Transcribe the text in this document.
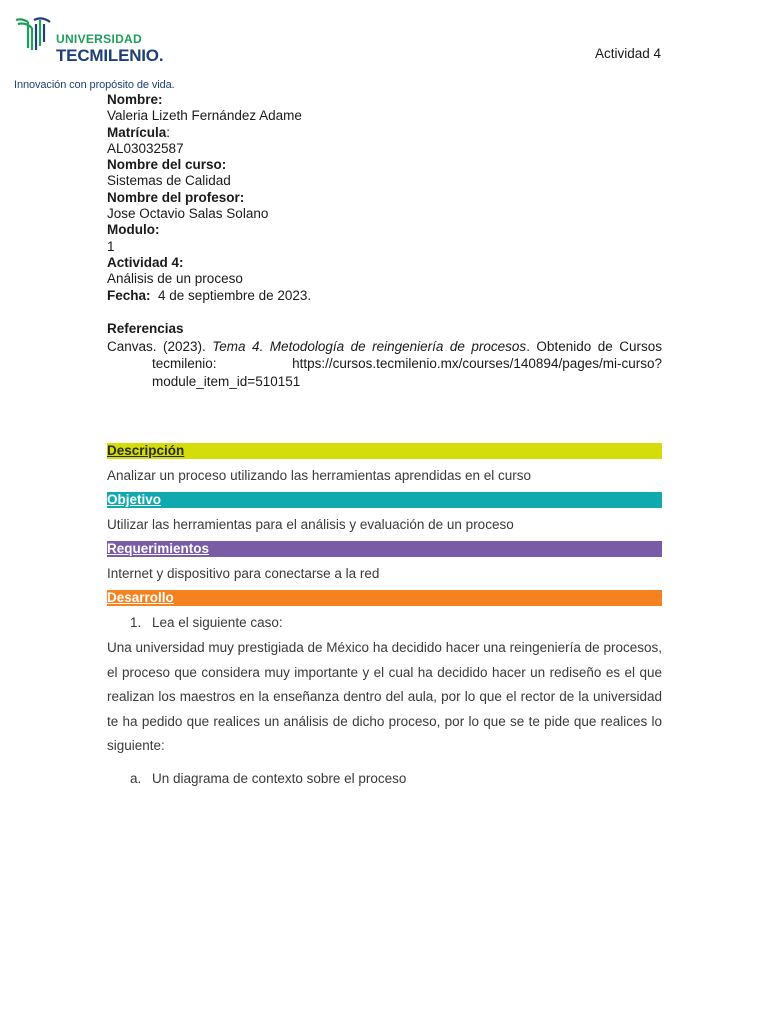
UNIVERSIDAD
TECMILENIO.
Innovación con propósito de vida.
Actividad 4
Nombre:
Valeria Lizeth Fernández Adame
Matrícula:
AL03032587
Nombre del curso:
Sistemas de Calidad
Nombre del profesor:
Jose Octavio Salas Solano
Modulo:
1
Actividad 4:
Análisis de un proceso
Fecha: 4 de septiembre de 2023.
Referencias
Canvas. (2023). Tema 4. Metodología de reingeniería de procesos. Obtenido de Cursos tecmilenio: https://cursos.tecmilenio.mx/courses/140894/pages/mi-curso?module_item_id=510151
Descripción
Analizar un proceso utilizando las herramientas aprendidas en el curso
Objetivo
Utilizar las herramientas para el análisis y evaluación de un proceso
Requerimientos
Internet y dispositivo para conectarse a la red
Desarrollo
1. Lea el siguiente caso:
Una universidad muy prestigiada de México ha decidido hacer una reingeniería de procesos, el proceso que considera muy importante y el cual ha decidido hacer un rediseño es el que realizan los maestros en la enseñanza dentro del aula, por lo que el rector de la universidad te ha pedido que realices un análisis de dicho proceso, por lo que se te pide que realices lo siguiente:
a. Un diagrama de contexto sobre el proceso
